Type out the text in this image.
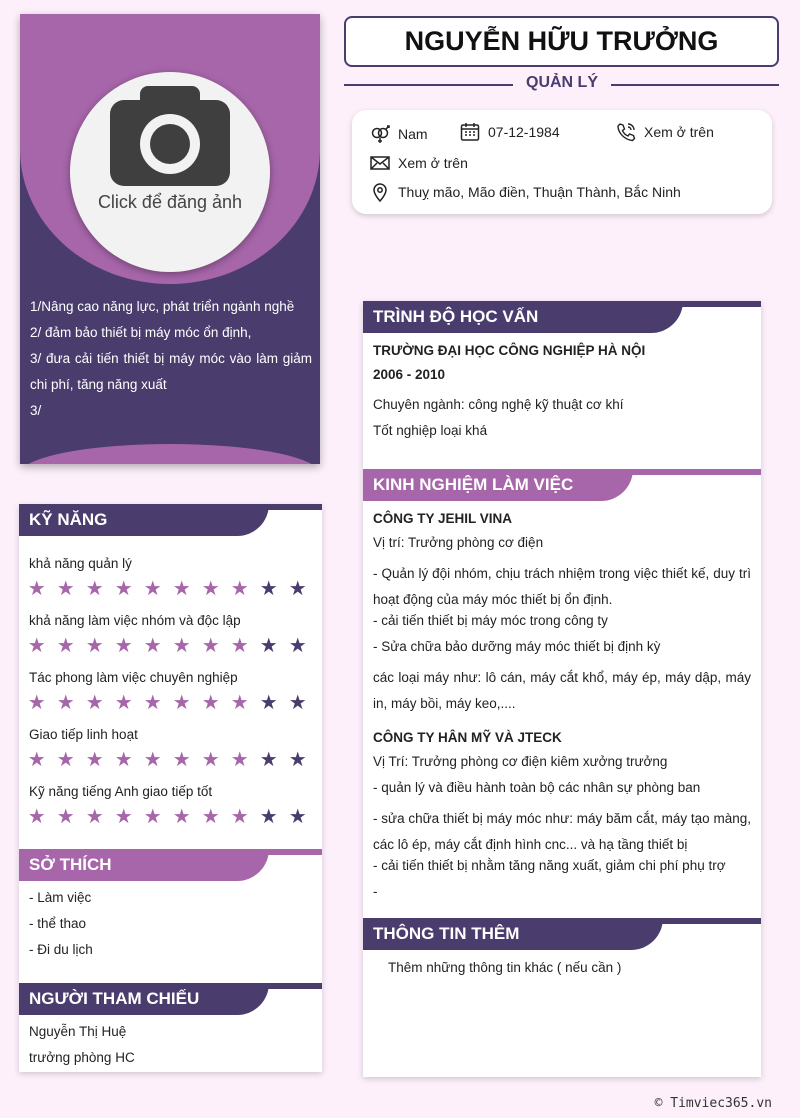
Click để đăng ảnh
1/Nâng cao năng lực, phát triển ngành nghề
2/ đảm bảo thiết bị máy móc ổn định,
3/ đưa cải tiến thiết bị máy móc vào làm giảm chi phí, tăng năng xuất
3/
NGUYỄN HỮU TRƯỞNG
QUẢN LÝ
Nam	07-12-1984	Xem ở trên
Xem ở trên
Thuỵ mão, Mão điền, Thuận Thành, Bắc Ninh
KỸ NĂNG
khả năng quản lý
★ ★ ★ ★ ★ ★ ★ ★ ★ ★
khả năng làm việc nhóm và độc lập
★ ★ ★ ★ ★ ★ ★ ★ ★ ★
Tác phong làm việc chuyên nghiệp
★ ★ ★ ★ ★ ★ ★ ★ ★ ★
Giao tiếp linh hoạt
★ ★ ★ ★ ★ ★ ★ ★ ★ ★
Kỹ năng tiếng Anh giao tiếp tốt
★ ★ ★ ★ ★ ★ ★ ★ ★ ★
SỞ THÍCH
- Làm việc
- thể thao
- Đi du lịch
NGƯỜI THAM CHIẾU
Nguyễn Thị Huệ
trưởng phòng HC
TRÌNH ĐỘ HỌC VẤN
TRƯỜNG ĐẠI HỌC CÔNG NGHIỆP HÀ NỘI
2006 - 2010
Chuyên ngành: công nghệ kỹ thuật cơ khí
Tốt nghiệp loại khá
KINH NGHIỆM LÀM VIỆC
CÔNG TY JEHIL VINA
Vị trí: Trưởng phòng cơ điện
- Quản lý đội nhóm, chịu trách nhiệm trong việc thiết kế, duy trì hoạt động của máy móc thiết bị ổn định.
- cải tiến thiết bị máy móc trong công ty
- Sửa chữa bảo dưỡng máy móc thiết bị định kỳ
các loại máy như: lô cán, máy cắt khổ, máy ép, máy dập, máy in, máy bồi, máy keo,....
CÔNG TY HÂN MỸ VÀ JTECK
Vị Trí: Trưởng phòng cơ điện kiêm xưởng trưởng
- quản lý và điều hành toàn bộ các nhân sự phòng ban
- sửa chữa thiết bị máy móc như: máy băm cắt, máy tạo màng, các lô ép, máy cắt định hình cnc... và hạ tầng thiết bị
- cải tiến thiết bị nhằm tăng năng xuất, giảm chi phí phụ trợ
-
THÔNG TIN THÊM
Thêm những thông tin khác ( nếu cần )
© Timviec365.vn
